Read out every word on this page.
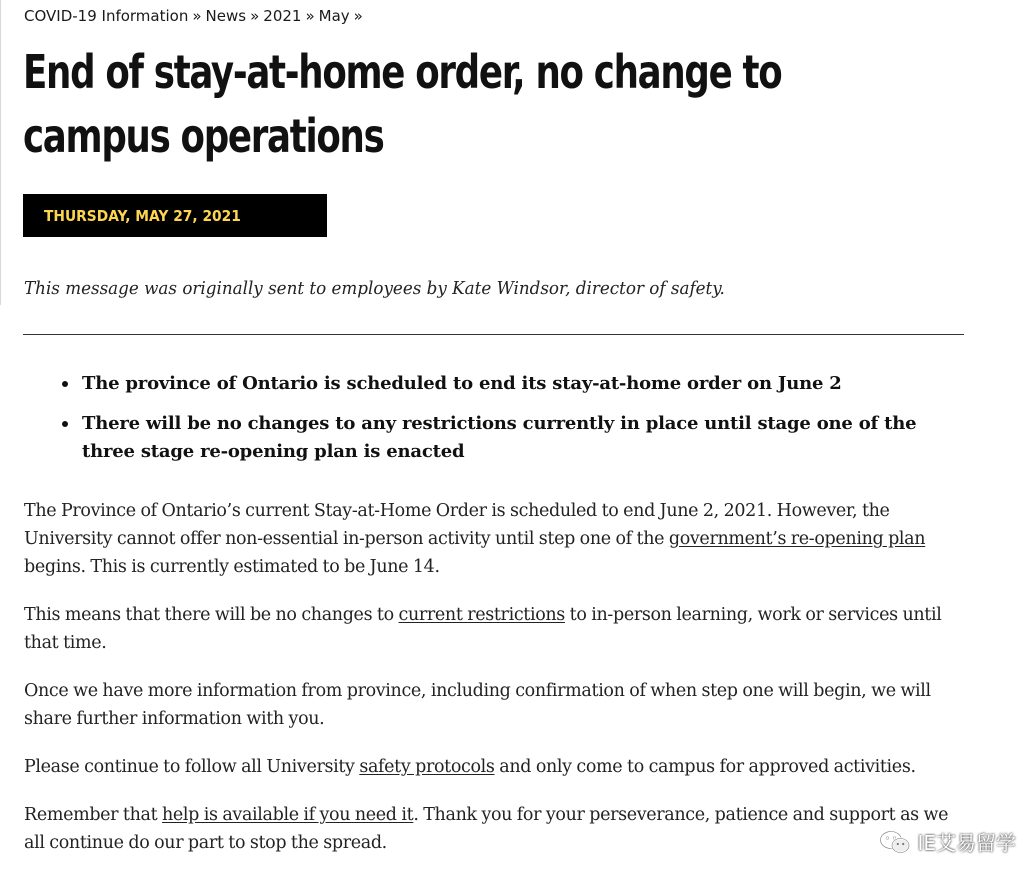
COVID-19 Information » News » 2021 » May »
End of stay-at-home order, no change to campus operations
THURSDAY, MAY 27, 2021

This message was originally sent to employees by Kate Windsor, director of safety.

The province of Ontario is scheduled to end its stay-at-home order on June 2
There will be no changes to any restrictions currently in place until stage one of the three stage re-opening plan is enacted

The Province of Ontario’s current Stay-at-Home Order is scheduled to end June 2, 2021. However, the University cannot offer non-essential in-person activity until step one of the government’s re-opening plan begins. This is currently estimated to be June 14.

This means that there will be no changes to current restrictions to in-person learning, work or services until that time.

Once we have more information from province, including confirmation of when step one will begin, we will share further information with you.

Please continue to follow all University safety protocols and only come to campus for approved activities.

Remember that help is available if you need it. Thank you for your perseverance, patience and support as we all continue do our part to stop the spread.	IE艾易留学
